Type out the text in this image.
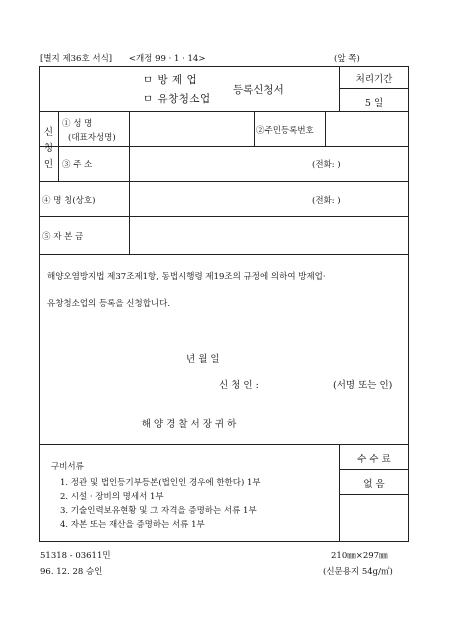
[별지 제36호 서식] <개정 99 · 1 · 14>	(앞 쪽)
ㅁ 방 제 업
ㅁ 유창청소업
등록신청서
처리기간
5 일
신
청
인
① 성 명
(대표자성명)
②주민등록번호
③ 주 소	(전화: )
④ 명 칭(상호)	(전화: )
⑤ 자 본 금
해양오염방지법 제37조제1항, 동법시행령 제19조의 규정에 의하여 방제업·
유창청소업의 등록을 신청합니다.
년 월 일
신 청 인 :	(서명 또는 인)
해 양 경 찰 서 장 귀 하
구비서류
1. 정관 및 법인등기부등본(법인인 경우에 한한다) 1부
2. 시설 · 장비의 명세서 1부
3. 기술인력보유현황 및 그 자격을 증명하는 서류 1부
4. 자본 또는 재산을 증명하는 서류 1부
수 수 료
없 음
51318 - 03611민
96. 12. 28 승인
210㎜×297㎜
(신문용지 54g/㎡)
